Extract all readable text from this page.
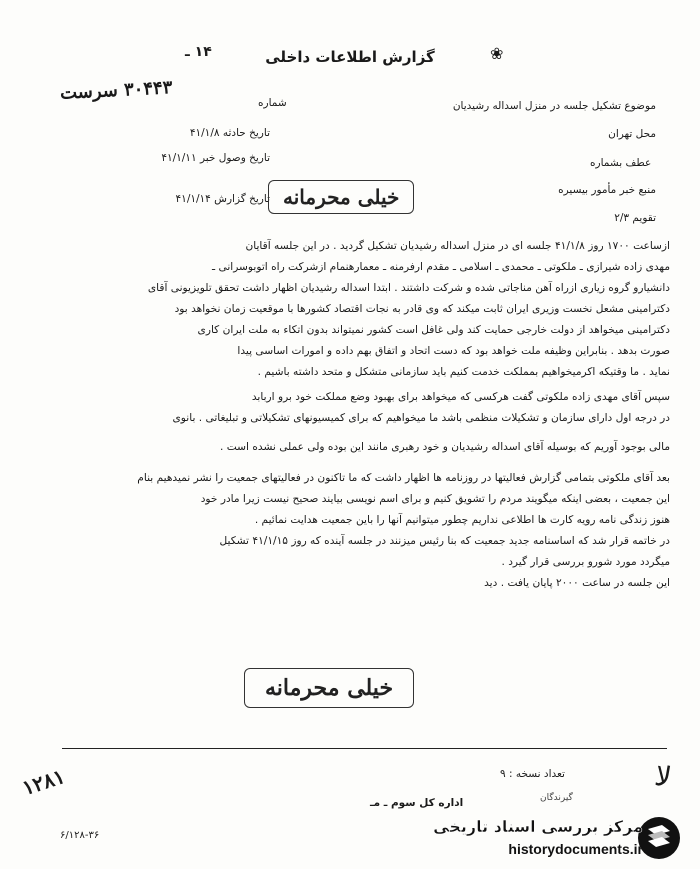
۱۴ ـ	گزارش اطلاعات داخلی	❀
۳۰۴۴۳ سرست
شماره	موضوع تشکیل جلسه در منزل اسداله رشیدیان
محل تهران
تاریخ حادثه ۴۱/۱/۸
تاریخ وصول خبر ۴۱/۱/۱۱	عطف بشماره
منبع خبر مأمور بیسیره
تاریخ گزارش ۴۱/۱/۱۴
تقویم ۲/۳
خیلی محرمانه

ازساعت ۱۷۰۰ روز ۴۱/۱/۸ جلسه ای در منزل اسداله رشیدیان تشکیل گردید . در این جلسه آقایان

مهدی زاده شیرازی ـ ملکوتی ـ محمدی ـ اسلامی ـ مقدم ارفرمنه ـ معمارهنمام ازشرکت راه اتوبوسرانی ـ

دانشیارو گروه زیاری ازراه آهن مناجاتی شده و شرکت داشتند . ابتدا اسداله رشیدیان اظهار داشت تحقق تلویزیونی آقای

دکترامینی مشعل نخست وزیری ایران ثابت میکند که وی قادر به نجات اقتصاد کشورها با موقعیت زمان نخواهد بود

دکترامینی میخواهد از دولت خارجی حمایت کند ولی غافل است کشور نمیتواند بدون اتکاء به ملت ایران کاری

صورت بدهد . بنابراین وظیفه ملت خواهد بود که دست اتحاد و اتفاق بهم داده و امورات اساسی پیدا

نماید . ما وقتیکه اکرمیخواهیم بمملکت خدمت کنیم باید سازمانی متشکل و متحد داشته باشیم .

سپس آقای مهدی زاده ملکوتی گفت هرکسی که میخواهد برای بهبود وضع مملکت خود برو اربابد

در درجه اول دارای سازمان و تشکیلات منظمی باشد ما میخواهیم که برای کمیسیونهای تشکیلاتی و تبلیغاتی . بانوی

مالی بوجود آوریم که بوسیله آقای اسداله رشیدیان و خود رهبری مانند این بوده ولی عملی نشده است .

بعد آقای ملکوتی بتمامی گزارش فعالیتها در روزنامه ها اظهار داشت که ما تاکنون در فعالیتهای جمعیت را نشر نمیدهیم بنام

این جمعیت ، بعضی اینکه میگویند مردم را تشویق کنیم و برای اسم نویسی بیایند صحیح نیست زیرا مادر خود

هنوز زندگی نامه رویه کارت ها اطلاعی نداریم چطور میتوانیم آنها را باین جمعیت هدایت نمائیم .

در خاتمه قرار شد که اساسنامه جدید جمعیت که بنا رئیس میزنند در جلسه آینده که روز ۴۱/۱/۱۵ تشکیل

میگردد مورد شورو بررسی قرار گیرد .

این جلسه در ساعت ۲۰۰۰ پایان یافت . دید

خیلی محرمانه
۱۲۸۱	ﻻ
تعداد نسخه : ۹
گیرندگان
اداره کل سوم ـ مـ
۶/۱۲۸-۳۶	مرکز بررسی اسناد تاریخی
historydocuments.ir
